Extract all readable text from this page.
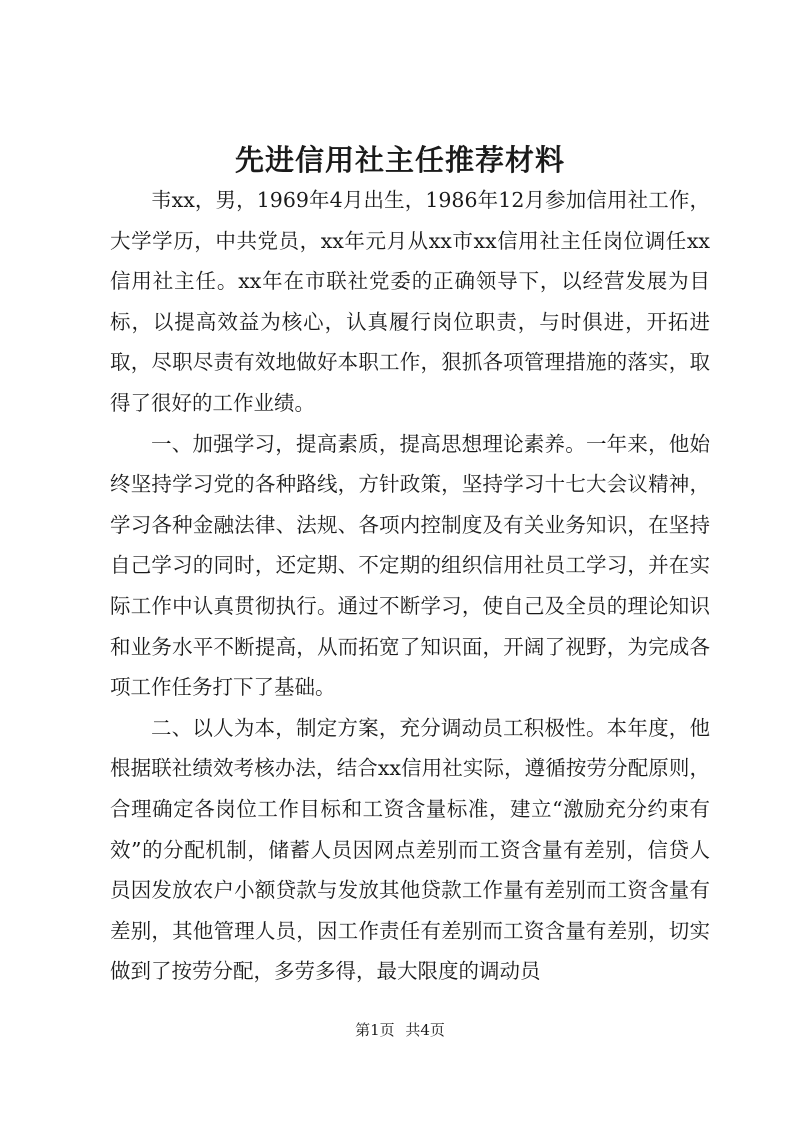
先进信用社主任推荐材料

韦xx，男，1969年4月出生，1986年12月参加信用社工作，大学学历，中共党员，xx年元月从xx市xx信用社主任岗位调任xx信用社主任。xx年在市联社党委的正确领导下，以经营发展为目标，以提高效益为核心，认真履行岗位职责，与时俱进，开拓进取，尽职尽责有效地做好本职工作，狠抓各项管理措施的落实，取得了很好的工作业绩。

一、加强学习，提高素质，提高思想理论素养。一年来，他始终坚持学习党的各种路线，方针政策，坚持学习十七大会议精神，学习各种金融法律、法规、各项内控制度及有关业务知识，在坚持自己学习的同时，还定期、不定期的组织信用社员工学习，并在实际工作中认真贯彻执行。通过不断学习，使自己及全员的理论知识和业务水平不断提高，从而拓宽了知识面，开阔了视野，为完成各项工作任务打下了基础。

二、以人为本，制定方案，充分调动员工积极性。本年度，他根据联社绩效考核办法，结合xx信用社实际，遵循按劳分配原则，合理确定各岗位工作目标和工资含量标准，建立“激励充分约束有效”的分配机制，储蓄人员因网点差别而工资含量有差别，信贷人员因发放农户小额贷款与发放其他贷款工作量有差别而工资含量有差别，其他管理人员，因工作责任有差别而工资含量有差别，切实做到了按劳分配，多劳多得，最大限度的调动员

第1页 共4页
